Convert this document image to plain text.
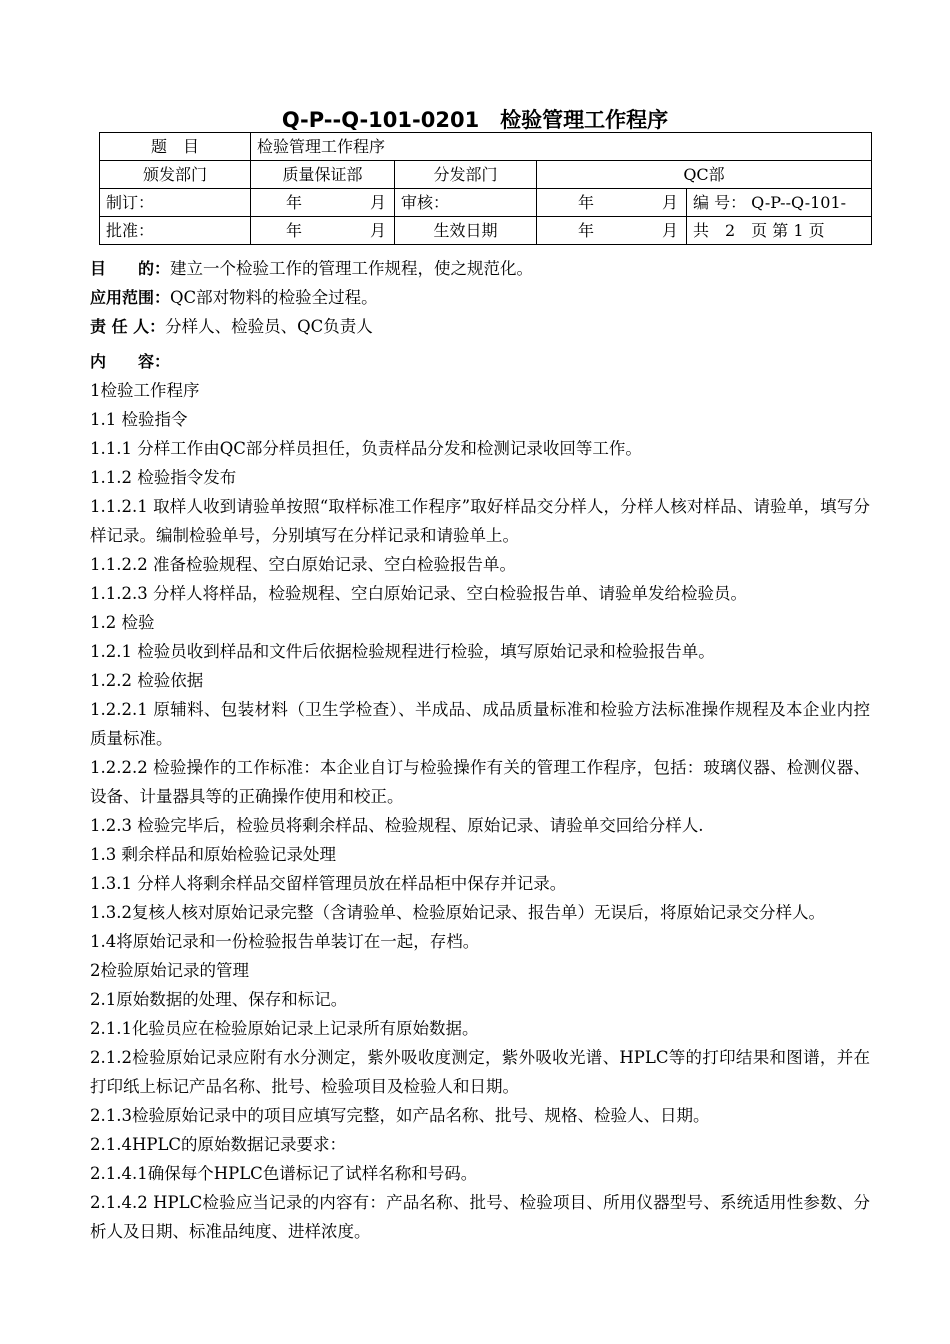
Q-P--Q-101-0201　检验管理工作程序
题　目	检验管理工作程序			
颁发部门	质量保证部	分发部门	QC部	
制订：	年 月	审核：	年 月	编 号： Q-P--Q-101-
批准：	年 月	生效日期	年 月	共　2　页 第 1 页
目　　的：建立一个检验工作的管理工作规程，使之规范化。
应用范围：QC部对物料的检验全过程。
责 任 人：分样人、检验员、QC负责人
内　　容：
1检验工作程序
1.1 检验指令
1.1.1 分样工作由QC部分样员担任，负责样品分发和检测记录收回等工作。
1.1.2 检验指令发布
1.1.2.1 取样人收到请验单按照“取样标准工作程序”取好样品交分样人，分样人核对样品、请验单，填写分样记录。编制检验单号，分别填写在分样记录和请验单上。
1.1.2.2 准备检验规程、空白原始记录、空白检验报告单。
1.1.2.3 分样人将样品，检验规程、空白原始记录、空白检验报告单、请验单发给检验员。
1.2 检验
1.2.1 检验员收到样品和文件后依据检验规程进行检验，填写原始记录和检验报告单。
1.2.2 检验依据
1.2.2.1 原辅料、包装材料（卫生学检查）、半成品、成品质量标准和检验方法标准操作规程及本企业内控质量标准。
1.2.2.2 检验操作的工作标准：本企业自订与检验操作有关的管理工作程序，包括：玻璃仪器、检测仪器、设备、计量器具等的正确操作使用和校正。
1.2.3 检验完毕后，检验员将剩余样品、检验规程、原始记录、请验单交回给分样人.
1.3 剩余样品和原始检验记录处理
1.3.1 分样人将剩余样品交留样管理员放在样品柜中保存并记录。
1.3.2复核人核对原始记录完整（含请验单、检验原始记录、报告单）无误后，将原始记录交分样人。
1.4将原始记录和一份检验报告单装订在一起，存档。
2检验原始记录的管理
2.1原始数据的处理、保存和标记。
2.1.1化验员应在检验原始记录上记录所有原始数据。
2.1.2检验原始记录应附有水分测定，紫外吸收度测定，紫外吸收光谱、HPLC等的打印结果和图谱，并在打印纸上标记产品名称、批号、检验项目及检验人和日期。
2.1.3检验原始记录中的项目应填写完整，如产品名称、批号、规格、检验人、日期。
2.1.4HPLC的原始数据记录要求：
2.1.4.1确保每个HPLC色谱标记了试样名称和号码。
2.1.4.2 HPLC检验应当记录的内容有：产品名称、批号、检验项目、所用仪器型号、系统适用性参数、分析人及日期、标准品纯度、进样浓度。
